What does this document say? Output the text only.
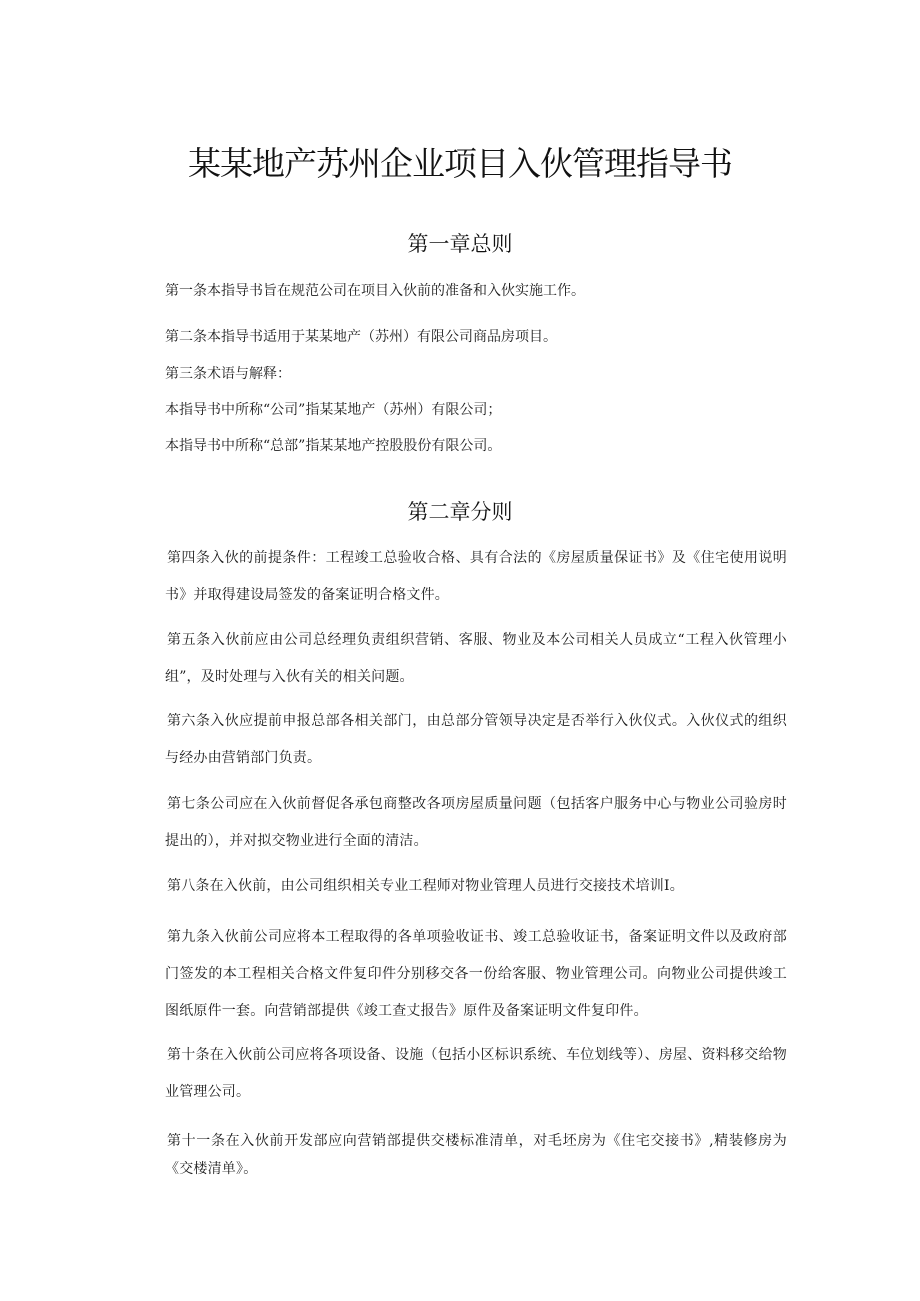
某某地产苏州企业项目入伙管理指导书
第一章总则

第一条本指导书旨在规范公司在项目入伙前的准备和入伙实施工作。

第二条本指导书适用于某某地产（苏州）有限公司商品房项目。

第三条术语与解释：

本指导书中所称“公司”指某某地产（苏州）有限公司；

本指导书中所称“总部”指某某地产控股股份有限公司。

第二章分则

第四条入伙的前提条件：工程竣工总验收合格、具有合法的《房屋质量保证书》及《住宅使用说明书》并取得建设局签发的备案证明合格文件。

第五条入伙前应由公司总经理负责组织营销、客服、物业及本公司相关人员成立“工程入伙管理小组”，及时处理与入伙有关的相关问题。

第六条入伙应提前申报总部各相关部门，由总部分管领导决定是否举行入伙仪式。入伙仪式的组织与经办由营销部门负责。

第七条公司应在入伙前督促各承包商整改各项房屋质量问题（包括客户服务中心与物业公司验房时提出的），并对拟交物业进行全面的清洁。

第八条在入伙前，由公司组织相关专业工程师对物业管理人员进行交接技术培训I。

第九条入伙前公司应将本工程取得的各单项验收证书、竣工总验收证书，备案证明文件以及政府部门签发的本工程相关合格文件复印件分别移交各一份给客服、物业管理公司。向物业公司提供竣工图纸原件一套。向营销部提供《竣工查丈报告》原件及备案证明文件复印件。

第十条在入伙前公司应将各项设备、设施（包括小区标识系统、车位划线等）、房屋、资料移交给物业管理公司。

第十一条在入伙前开发部应向营销部提供交楼标准清单，对毛坯房为《住宅交接书》,精装修房为《交楼清单》。
